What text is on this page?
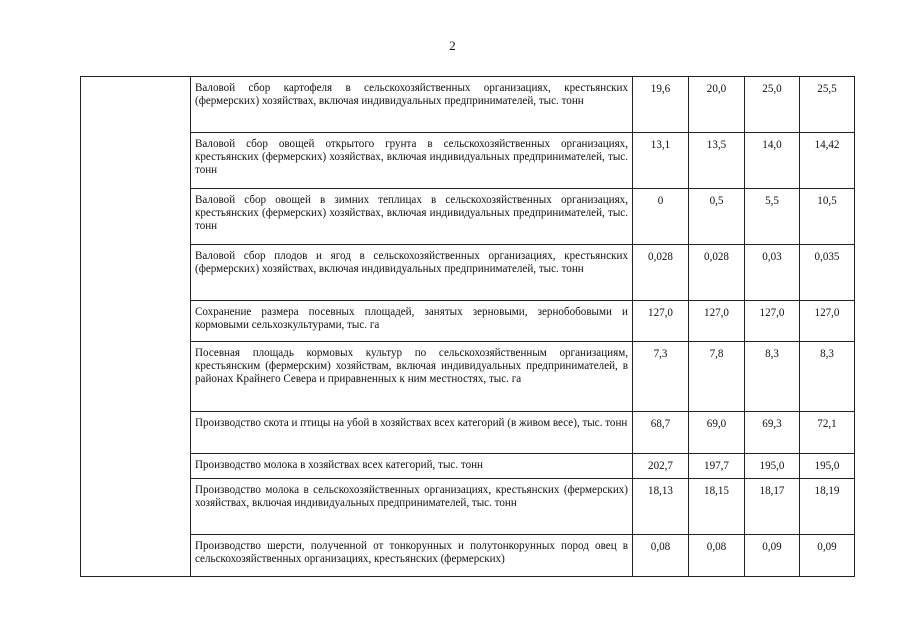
2
	Валовой сбор картофеля в сельскохозяйственных организациях, крестьянских (фермерских) хозяйствах, включая индивидуальных предпринимателей, тыс. тонн	19,6	20,0	25,0	25,5
	Валовой сбор овощей открытого грунта в сельскохозяйственных организациях, крестьянских (фермерских) хозяйствах, включая индивидуальных предпринимателей, тыс. тонн	13,1	13,5	14,0	14,42
	Валовой сбор овощей в зимних теплицах в сельскохозяйственных организациях, крестьянских (фермерских) хозяйствах, включая индивидуальных предпринимателей, тыс. тонн	0	0,5	5,5	10,5
	Валовой сбор плодов и ягод в сельскохозяйственных организациях, крестьянских (фермерских) хозяйствах, включая индивидуальных предпринимателей, тыс. тонн	0,028	0,028	0,03	0,035
	Сохранение размера посевных площадей, занятых зерновыми, зернобобовыми и кормовыми сельхозкультурами, тыс. га	127,0	127,0	127,0	127,0
	Посевная площадь кормовых культур по сельскохозяйственным организациям, крестьянским (фермерским) хозяйствам, включая индивидуальных предпринимателей, в районах Крайнего Севера и приравненных к ним местностях, тыс. га	7,3	7,8	8,3	8,3
	Производство скота и птицы на убой в хозяйствах всех категорий (в живом весе), тыс. тонн	68,7	69,0	69,3	72,1
	Производство молока в хозяйствах всех категорий, тыс. тонн	202,7	197,7	195,0	195,0
	Производство молока в сельскохозяйственных организациях, крестьянских (фермерских) хозяйствах, включая индивидуальных предпринимателей, тыс. тонн	18,13	18,15	18,17	18,19
	Производство шерсти, полученной от тонкорунных и полутонкорунных пород овец в сельскохозяйственных организациях, крестьянских (фермерских)	0,08	0,08	0,09	0,09
